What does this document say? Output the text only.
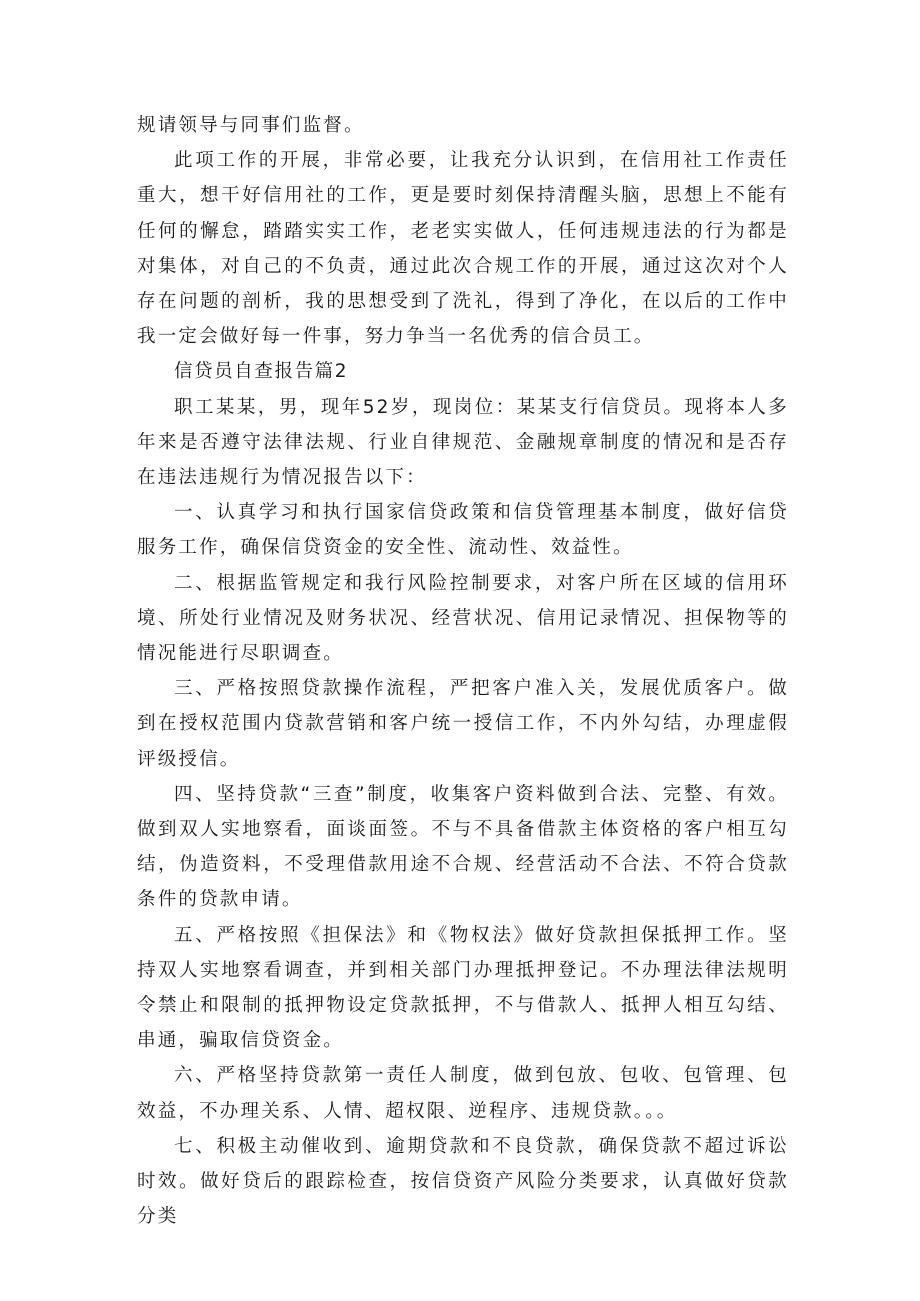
规请领导与同事们监督。

此项工作的开展，非常必要，让我充分认识到，在信用社工作责任重大，想干好信用社的工作，更是要时刻保持清醒头脑，思想上不能有任何的懈怠，踏踏实实工作，老老实实做人，任何违规违法的行为都是对集体，对自己的不负责，通过此次合规工作的开展，通过这次对个人存在问题的剖析，我的思想受到了洗礼，得到了净化，在以后的工作中我一定会做好每一件事，努力争当一名优秀的信合员工。

信贷员自查报告篇2

职工某某，男，现年52岁，现岗位：某某支行信贷员。现将本人多年来是否遵守法律法规、行业自律规范、金融规章制度的情况和是否存在违法违规行为情况报告以下：

一、认真学习和执行国家信贷政策和信贷管理基本制度，做好信贷服务工作，确保信贷资金的安全性、流动性、效益性。

二、根据监管规定和我行风险控制要求，对客户所在区域的信用环境、所处行业情况及财务状况、经营状况、信用记录情况、担保物等的情况能进行尽职调查。

三、严格按照贷款操作流程，严把客户准入关，发展优质客户。做到在授权范围内贷款营销和客户统一授信工作，不内外勾结，办理虚假评级授信。

四、坚持贷款“三查”制度，收集客户资料做到合法、完整、有效。做到双人实地察看，面谈面签。不与不具备借款主体资格的客户相互勾结，伪造资料，不受理借款用途不合规、经营活动不合法、不符合贷款条件的贷款申请。

五、严格按照《担保法》和《物权法》做好贷款担保抵押工作。坚持双人实地察看调查，并到相关部门办理抵押登记。不办理法律法规明令禁止和限制的抵押物设定贷款抵押，不与借款人、抵押人相互勾结、串通，骗取信贷资金。

六、严格坚持贷款第一责任人制度，做到包放、包收、包管理、包效益，不办理关系、人情、超权限、逆程序、违规贷款。。。

七、积极主动催收到、逾期贷款和不良贷款，确保贷款不超过诉讼时效。做好贷后的跟踪检查，按信贷资产风险分类要求，认真做好贷款分类
